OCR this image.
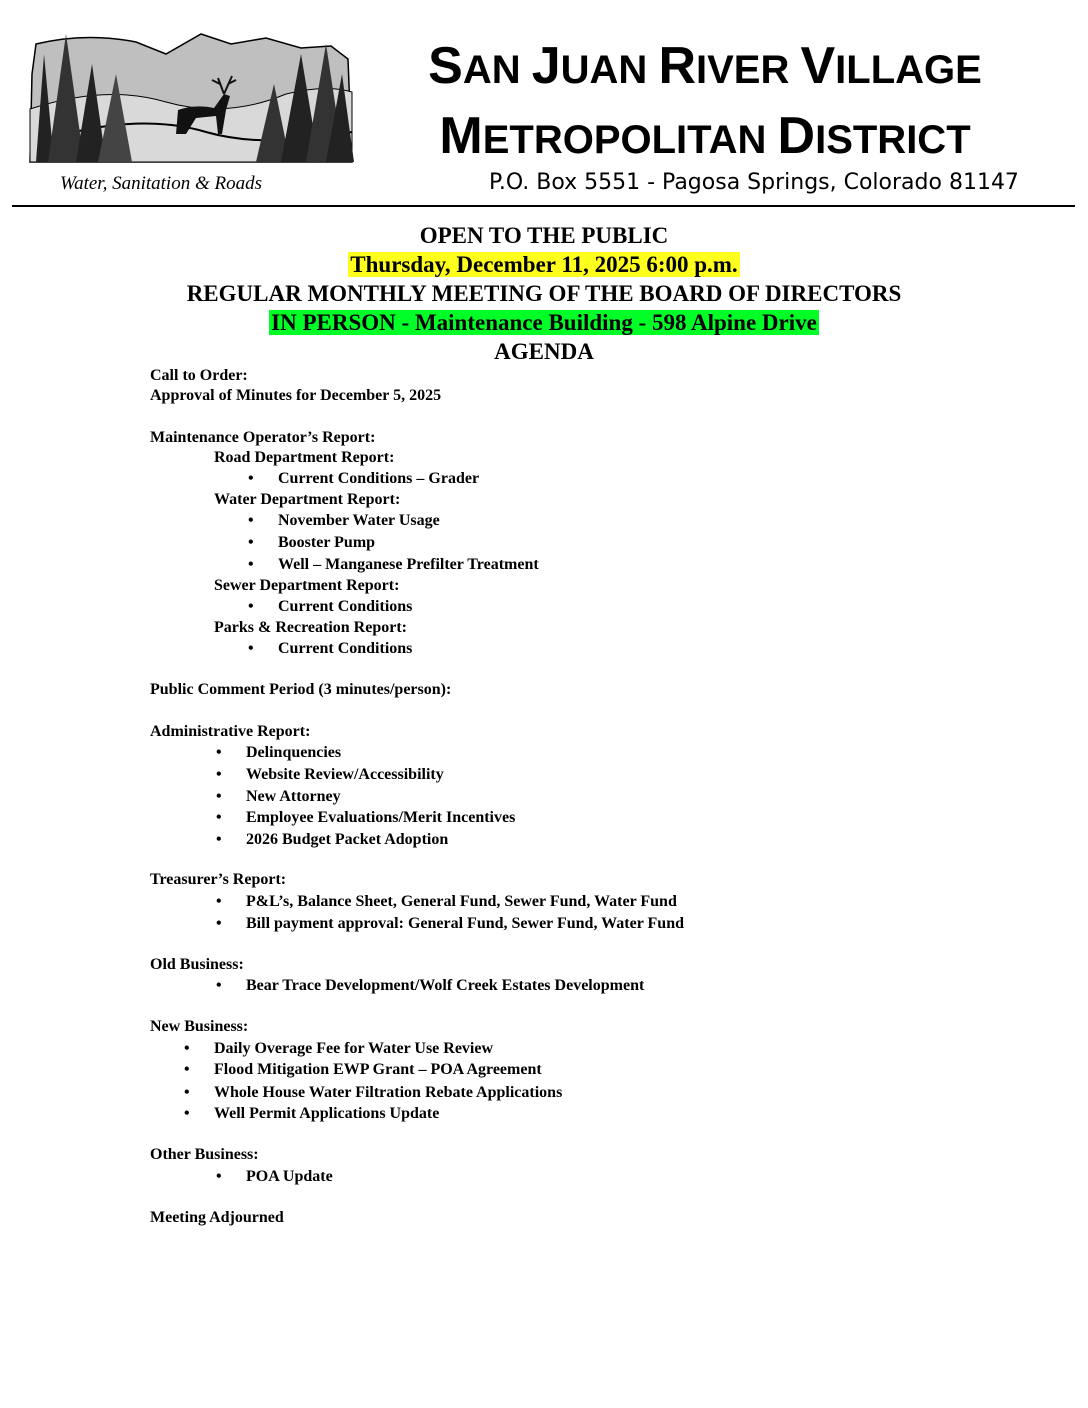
SAN JUAN RIVER VILLAGE
METROPOLITAN DISTRICT
Water, Sanitation & Roads	P.O. Box 5551 - Pagosa Springs, Colorado 81147
OPEN TO THE PUBLIC
Thursday, December 11, 2025 6:00 p.m.
REGULAR MONTHLY MEETING OF THE BOARD OF DIRECTORS
IN PERSON - Maintenance Building - 598 Alpine Drive
AGENDA
Call to Order:
Approval of Minutes for December 5, 2025
Maintenance Operator’s Report:
Road Department Report:
• Current Conditions – Grader
Water Department Report:
• November Water Usage
• Booster Pump
• Well – Manganese Prefilter Treatment
Sewer Department Report:
• Current Conditions
Parks & Recreation Report:
• Current Conditions
Public Comment Period (3 minutes/person):
Administrative Report:
• Delinquencies
• Website Review/Accessibility
• New Attorney
• Employee Evaluations/Merit Incentives
• 2026 Budget Packet Adoption
Treasurer’s Report:
• P&L’s, Balance Sheet, General Fund, Sewer Fund, Water Fund
• Bill payment approval: General Fund, Sewer Fund, Water Fund
Old Business:
• Bear Trace Development/Wolf Creek Estates Development
New Business:
• Daily Overage Fee for Water Use Review
• Flood Mitigation EWP Grant – POA Agreement
• Whole House Water Filtration Rebate Applications
• Well Permit Applications Update
Other Business:
• POA Update
Meeting Adjourned
